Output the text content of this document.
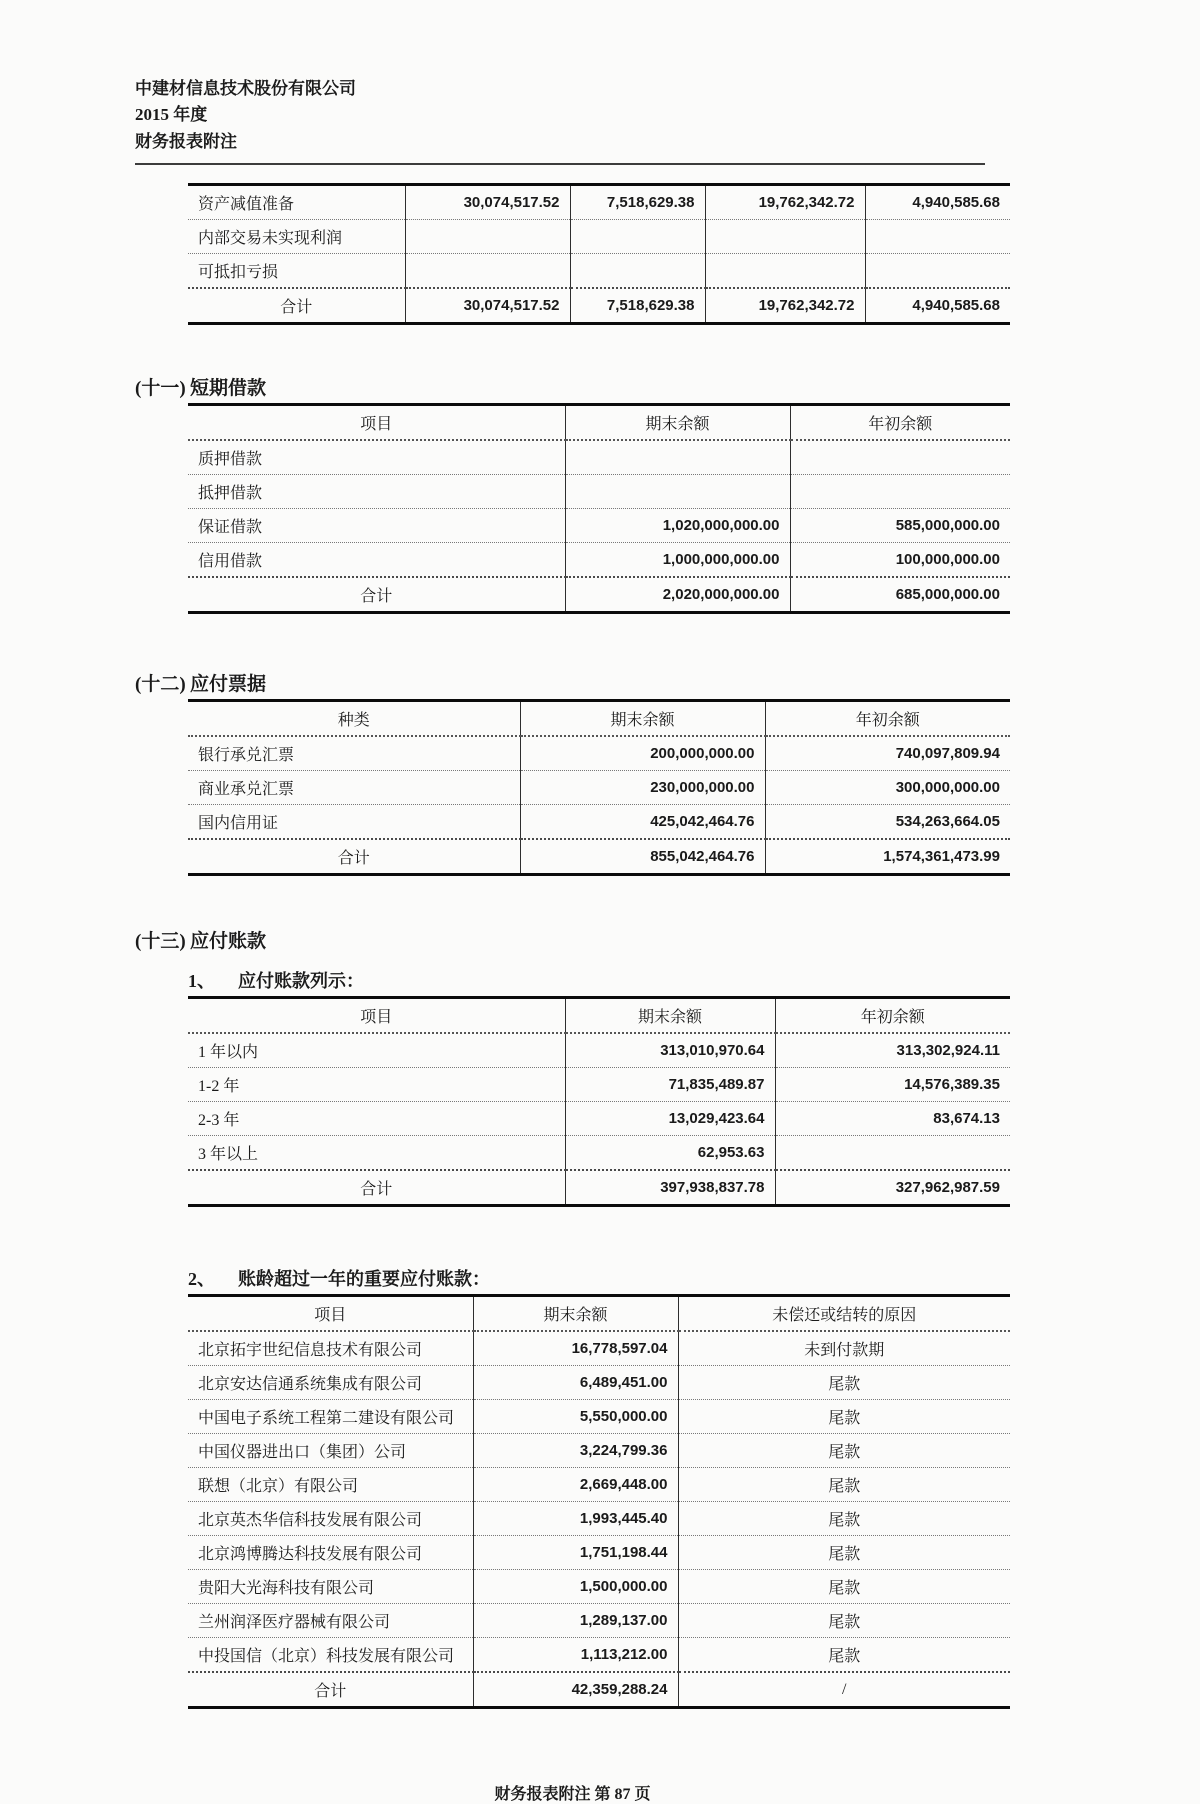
中建材信息技术股份有限公司
2015 年度
财务报表附注
资产减值准备	30,074,517.52	7,518,629.38	19,762,342.72	4,940,585.68
内部交易未实现利润				
可抵扣亏损				
合计	30,074,517.52	7,518,629.38	19,762,342.72	4,940,585.68
(十一) 短期借款
项目	期末余额	年初余额
质押借款		
抵押借款		
保证借款	1,020,000,000.00	585,000,000.00
信用借款	1,000,000,000.00	100,000,000.00
合计	2,020,000,000.00	685,000,000.00
(十二) 应付票据
种类	期末余额	年初余额
银行承兑汇票	200,000,000.00	740,097,809.94
商业承兑汇票	230,000,000.00	300,000,000.00
国内信用证	425,042,464.76	534,263,664.05
合计	855,042,464.76	1,574,361,473.99
(十三) 应付账款
1、 应付账款列示：
项目	期末余额	年初余额
1 年以内	313,010,970.64	313,302,924.11
1-2 年	71,835,489.87	14,576,389.35
2-3 年	13,029,423.64	83,674.13
3 年以上	62,953.63	
合计	397,938,837.78	327,962,987.59
2、 账龄超过一年的重要应付账款：
项目	期末余额	未偿还或结转的原因
北京拓宇世纪信息技术有限公司	16,778,597.04	未到付款期
北京安达信通系统集成有限公司	6,489,451.00	尾款
中国电子系统工程第二建设有限公司	5,550,000.00	尾款
中国仪器进出口（集团）公司	3,224,799.36	尾款
联想（北京）有限公司	2,669,448.00	尾款
北京英杰华信科技发展有限公司	1,993,445.40	尾款
北京鸿博腾达科技发展有限公司	1,751,198.44	尾款
贵阳大光海科技有限公司	1,500,000.00	尾款
兰州润泽医疗器械有限公司	1,289,137.00	尾款
中投国信（北京）科技发展有限公司	1,113,212.00	尾款
合计	42,359,288.24	/
财务报表附注 第 87 页
